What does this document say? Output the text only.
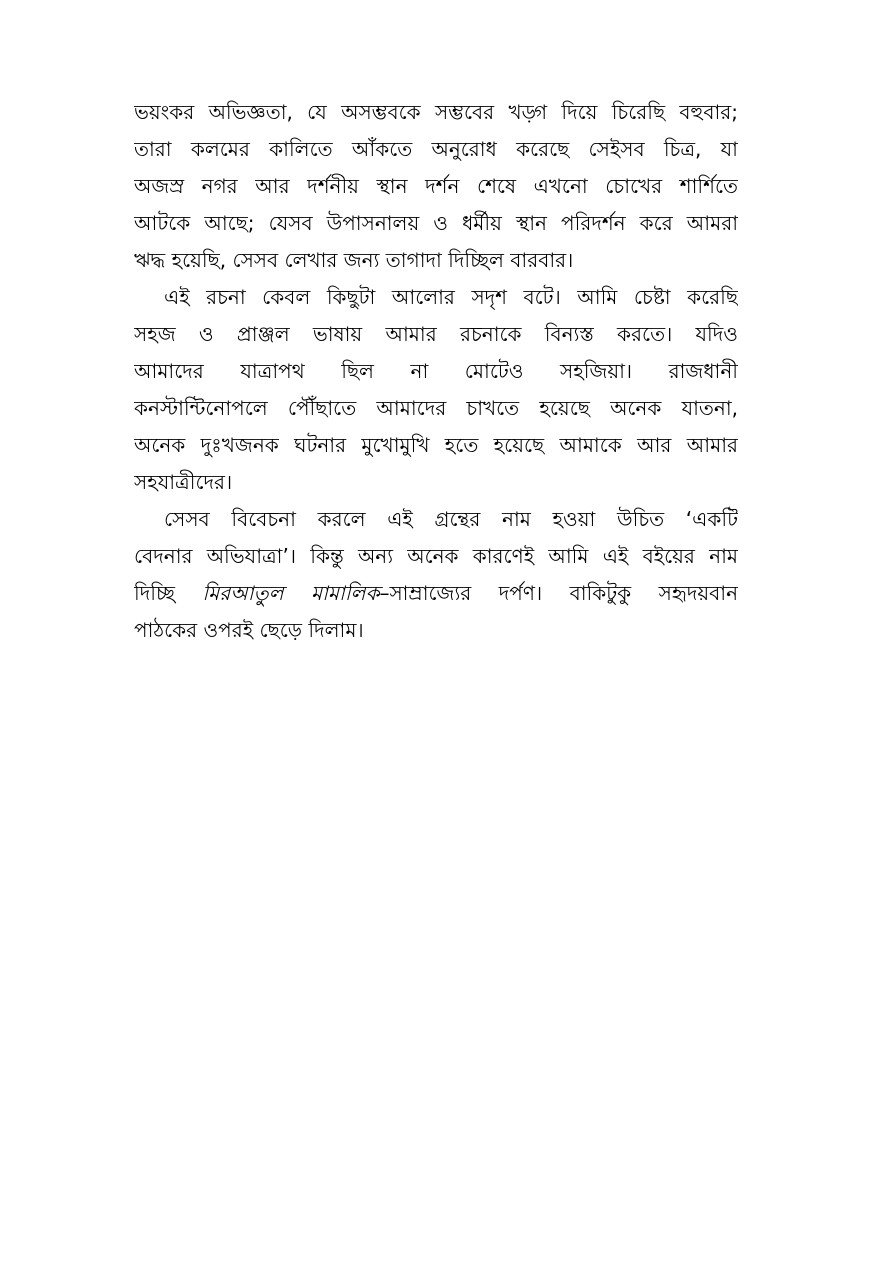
ভয়ংকর অভিজ্ঞতা, যে অসম্ভবকে সম্ভবের খড়্গ দিয়ে চিরেছি বহুবার;
তারা কলমের কালিতে আঁকতে অনুরোধ করেছে সেইসব চিত্র, যা
অজস্র নগর আর দর্শনীয় স্থান দর্শন শেষে এখনো চোখের শার্শিতে
আটকে আছে; যেসব উপাসনালয় ও ধর্মীয় স্থান পরিদর্শন করে আমরা
ঋদ্ধ হয়েছি, সেসব লেখার জন্য তাগাদা দিচ্ছিল বারবার।

এই রচনা কেবল কিছুটা আলোর সদৃশ বটে। আমি চেষ্টা করেছি
সহজ ও প্রাঞ্জল ভাষায় আমার রচনাকে বিন্যস্ত করতে। যদিও
আমাদের যাত্রাপথ ছিল না মোটেও সহজিয়া। রাজধানী
কনস্টান্টিনোপলে পৌঁছাতে আমাদের চাখতে হয়েছে অনেক যাতনা,
অনেক দুঃখজনক ঘটনার মুখোমুখি হতে হয়েছে আমাকে আর আমার
সহযাত্রীদের।

সেসব বিবেচনা করলে এই গ্রন্থের নাম হওয়া উচিত ‘একটি
বেদনার অভিযাত্রা’। কিন্তু অন্য অনেক কারণেই আমি এই বইয়ের নাম
দিচ্ছি মিরআতুল মামালিক–সাম্রাজ্যের দর্পণ। বাকিটুকু সহৃদয়বান
পাঠকের ওপরই ছেড়ে দিলাম।
